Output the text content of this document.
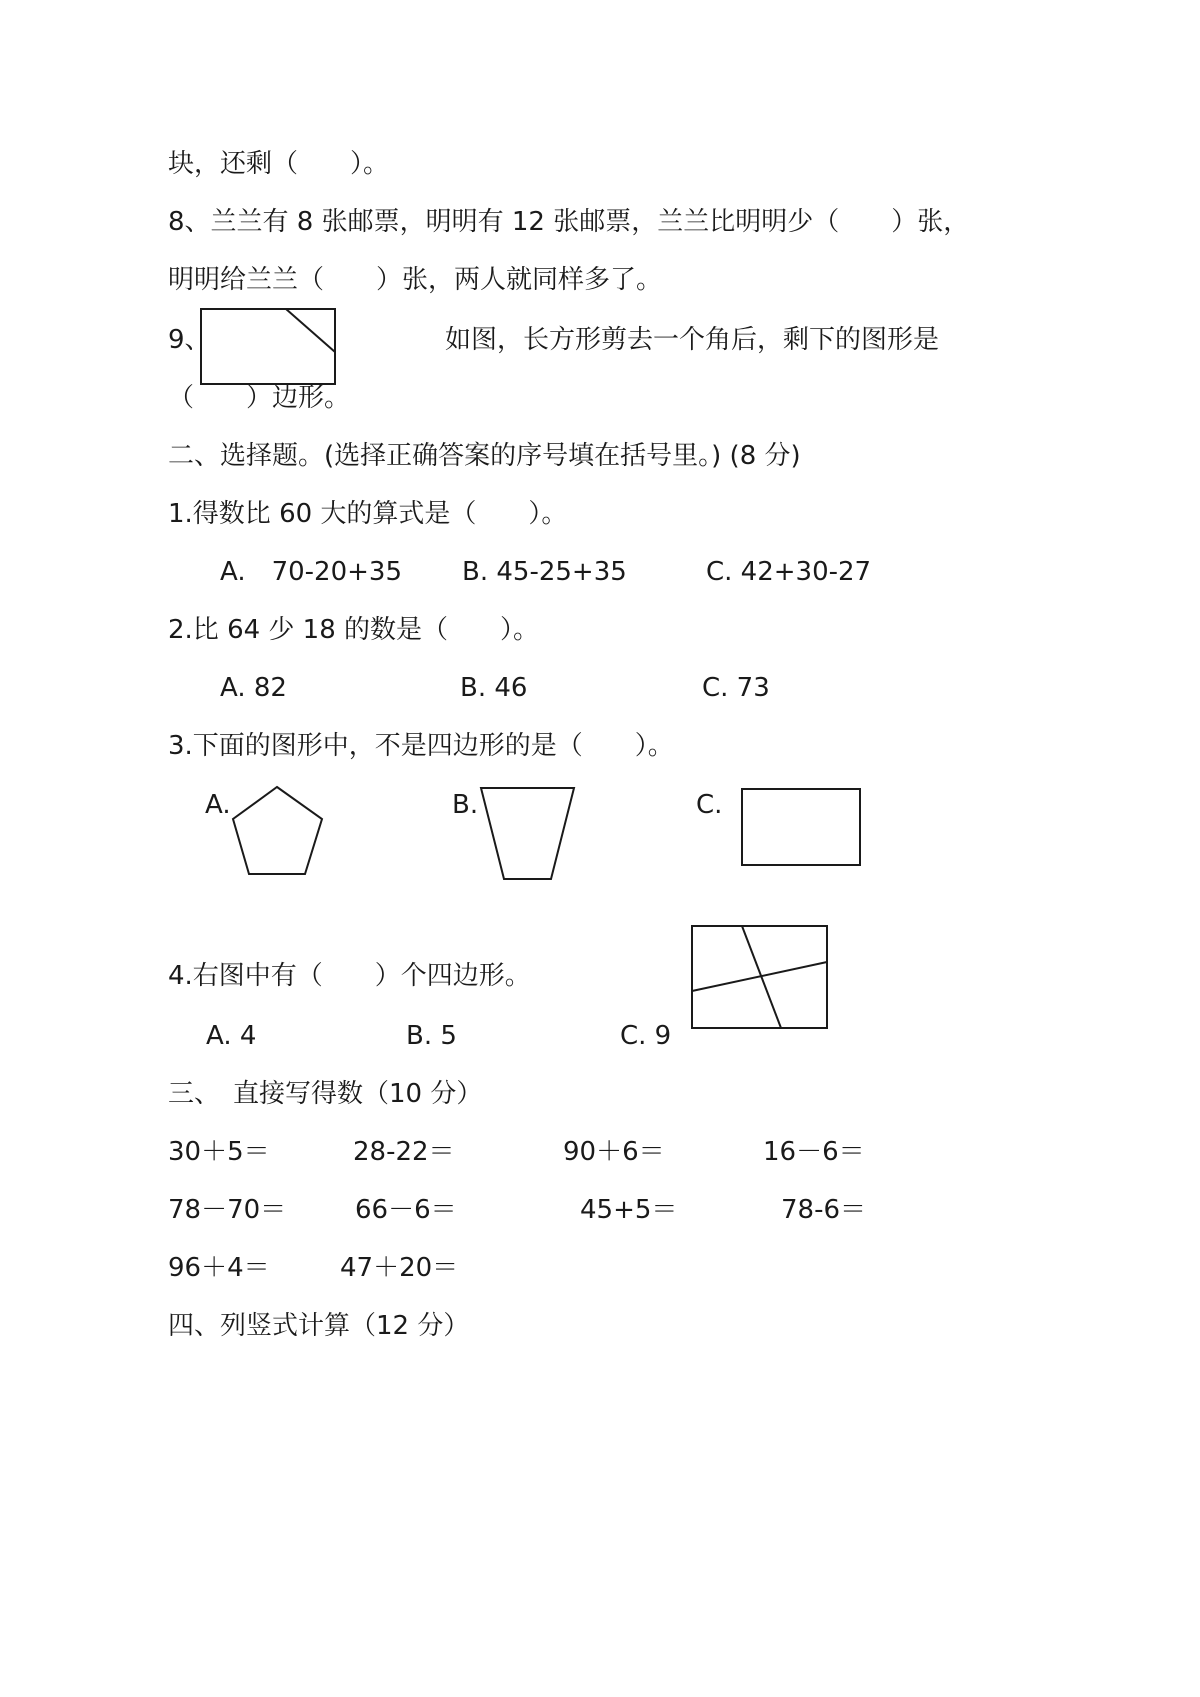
块，还剩（　　）。
8、兰兰有 8 张邮票，明明有 12 张邮票，兰兰比明明少（　　）张，
明明给兰兰（　　）张，两人就同样多了。
9、	如图，长方形剪去一个角后，剩下的图形是
（　　）边形。
二、选择题。(选择正确答案的序号填在括号里。) (8 分)
1.得数比 60 大的算式是（　　）。
A.　70-20+35 B. 45-25+35	C. 42+30-27
2.比 64 少 18 的数是（　　）。
A. 82	B. 46	C. 73
3.下面的图形中，不是四边形的是（　　）。
A.	B.	C.
4.右图中有（　　）个四边形。
A. 4	B. 5	C. 9
三、　直接写得数（10 分）
30＋5＝	28-22＝	90＋6＝	16－6＝
78－70＝	66－6＝	45+5＝	78-6＝
96＋4＝	47＋20＝
四、列竖式计算（12 分）
